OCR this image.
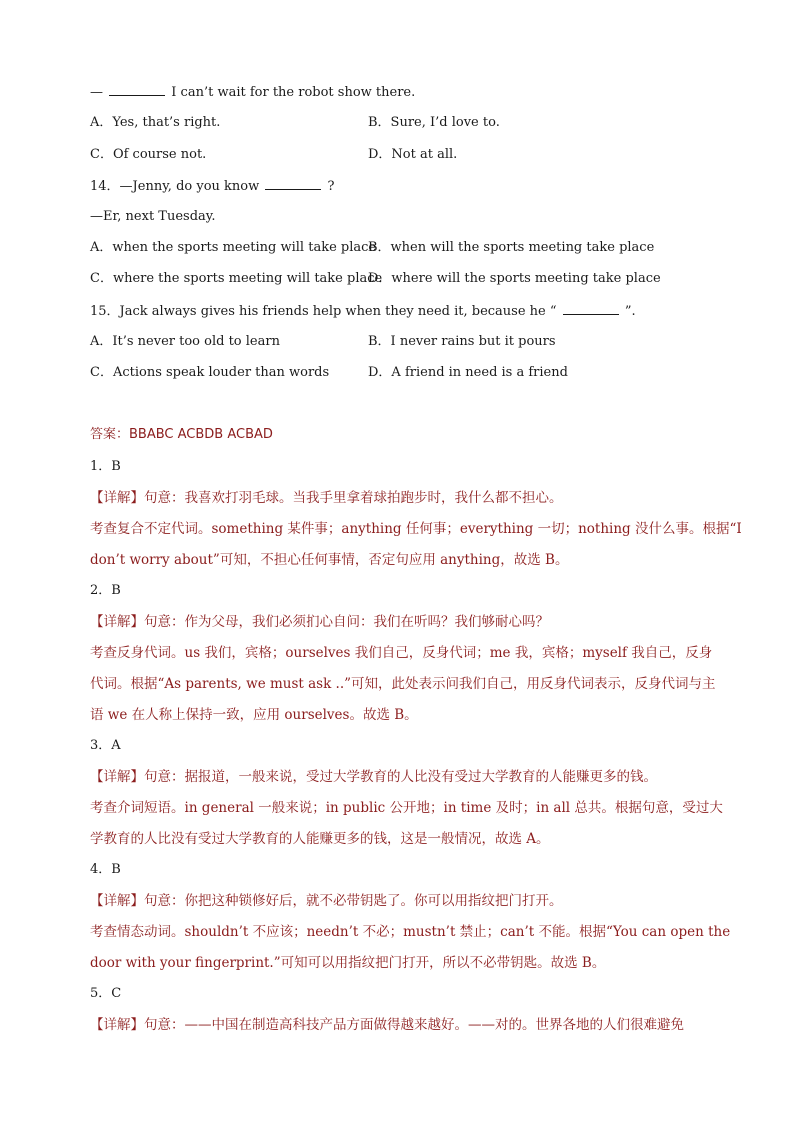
—	I can’t wait for the robot show there.
A．Yes, that’s right.	B．Sure, I’d love to.
C．Of course not.	D．Not at all.
14．—Jenny, do you know	?
—Er, next Tuesday.
A．when the sports meeting will take place
B．when will the sports meeting take place
C．where the sports meeting will take place
D．where will the sports meeting take place
15．Jack always gives his friends help when they need it, because he “	”.
A．It’s never too old to learn	B．I never rains but it pours
C．Actions speak louder than words	D．A friend in need is a friend
答案：BBABC ACBDB ACBAD
1．B
【详解】句意：我喜欢打羽毛球。当我手里拿着球拍跑步时，我什么都不担心。
考查复合不定代词。something 某件事；anything 任何事；everything 一切；nothing 没什么事。根据“I
don’t worry about”可知，不担心任何事情，否定句应用 anything，故选 B。
2．B
【详解】句意：作为父母，我们必须扪心自问：我们在听吗？我们够耐心吗？
考查反身代词。us 我们，宾格；ourselves 我们自己，反身代词；me 我，宾格；myself 我自己，反身
代词。根据“As parents, we must ask ..”可知，此处表示问我们自己，用反身代词表示，反身代词与主
语 we 在人称上保持一致，应用 ourselves。故选 B。
3．A
【详解】句意：据报道，一般来说，受过大学教育的人比没有受过大学教育的人能赚更多的钱。
考查介词短语。in general 一般来说；in public 公开地；in time 及时；in all 总共。根据句意，受过大
学教育的人比没有受过大学教育的人能赚更多的钱，这是一般情况，故选 A。
4．B
【详解】句意：你把这种锁修好后，就不必带钥匙了。你可以用指纹把门打开。
考查情态动词。shouldn’t 不应该；needn’t 不必；mustn’t 禁止；can’t 不能。根据“You can open the
door with your fingerprint.”可知可以用指纹把门打开，所以不必带钥匙。故选 B。
5．C
【详解】句意：——中国在制造高科技产品方面做得越来越好。——对的。世界各地的人们很难避免
